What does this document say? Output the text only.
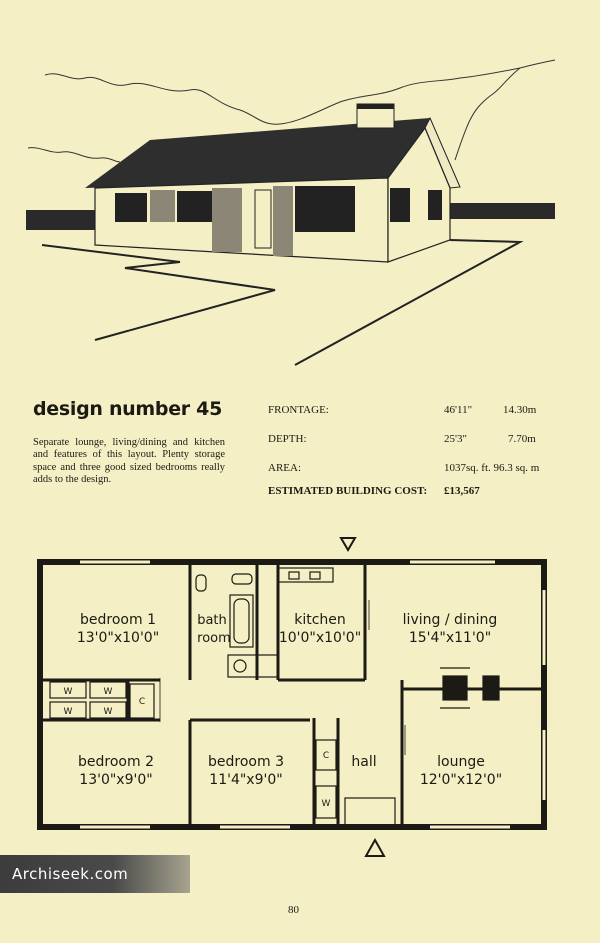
design number 45
Separate lounge, living/dining and kitchen and features of this layout. Plenty storage space and three good sized bedrooms really adds to the design.
FRONTAGE:	46'11"	14.30m
DEPTH:	25'3"	7.70m
AREA:	1037sq. ft. 96.3 sq. m
ESTIMATED BUILDING COST: £13,567
bedroom 1
13'0"x10'0"
bath
room
kitchen
10'0"x10'0"
living / dining
15'4"x11'0"
bedroom 2
13'0"x9'0"
bedroom 3
11'4"x9'0"
hall	lounge
12'0"x12'0"
W
W
W
W
C
C
W
Archiseek.com
80
